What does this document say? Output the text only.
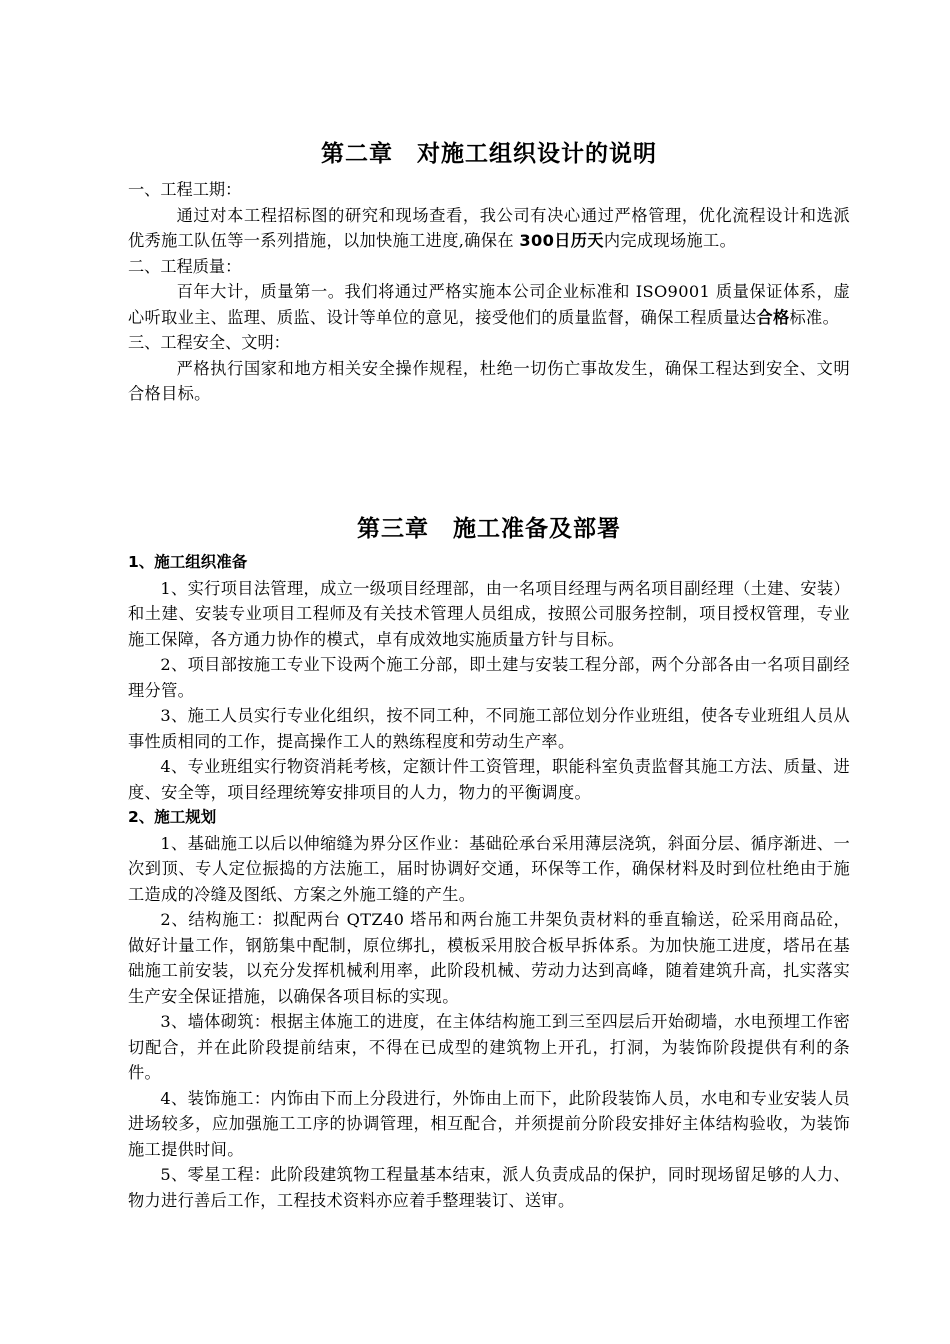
第二章　对施工组织设计的说明

一、工程工期：

通过对本工程招标图的研究和现场查看，我公司有决心通过严格管理，优化流程设计和选派优秀施工队伍等一系列措施，以加快施工进度,确保在 300日历天内完成现场施工。

二、工程质量：

百年大计，质量第一。我们将通过严格实施本公司企业标准和 ISO9001 质量保证体系，虚心听取业主、监理、质监、设计等单位的意见，接受他们的质量监督，确保工程质量达合格标准。

三、工程安全、文明：

严格执行国家和地方相关安全操作规程，杜绝一切伤亡事故发生，确保工程达到安全、文明合格目标。

第三章　施工准备及部署

1、施工组织准备

1、实行项目法管理，成立一级项目经理部，由一名项目经理与两名项目副经理（土建、安装）和土建、安装专业项目工程师及有关技术管理人员组成，按照公司服务控制，项目授权管理，专业施工保障，各方通力协作的模式，卓有成效地实施质量方针与目标。

2、项目部按施工专业下设两个施工分部，即土建与安装工程分部，两个分部各由一名项目副经理分管。

3、施工人员实行专业化组织，按不同工种，不同施工部位划分作业班组，使各专业班组人员从事性质相同的工作，提高操作工人的熟练程度和劳动生产率。

4、专业班组实行物资消耗考核，定额计件工资管理，职能科室负责监督其施工方法、质量、进度、安全等，项目经理统筹安排项目的人力，物力的平衡调度。

2、施工规划

1、基础施工以后以伸缩缝为界分区作业：基础砼承台采用薄层浇筑，斜面分层、循序渐进、一次到顶、专人定位振捣的方法施工，届时协调好交通，环保等工作，确保材料及时到位杜绝由于施工造成的冷缝及图纸、方案之外施工缝的产生。

2、结构施工：拟配两台 QTZ40 塔吊和两台施工井架负责材料的垂直输送，砼采用商品砼，做好计量工作，钢筋集中配制，原位绑扎，模板采用胶合板早拆体系。为加快施工进度，塔吊在基础施工前安装，以充分发挥机械利用率，此阶段机械、劳动力达到高峰，随着建筑升高，扎实落实生产安全保证措施，以确保各项目标的实现。

3、墙体砌筑：根据主体施工的进度，在主体结构施工到三至四层后开始砌墙，水电预埋工作密切配合，并在此阶段提前结束，不得在已成型的建筑物上开孔，打洞，为装饰阶段提供有利的条件。

4、装饰施工：内饰由下而上分段进行，外饰由上而下，此阶段装饰人员，水电和专业安装人员进场较多，应加强施工工序的协调管理，相互配合，并须提前分阶段安排好主体结构验收，为装饰施工提供时间。

5、零星工程：此阶段建筑物工程量基本结束，派人负责成品的保护，同时现场留足够的人力、物力进行善后工作，工程技术资料亦应着手整理装订、送审。
